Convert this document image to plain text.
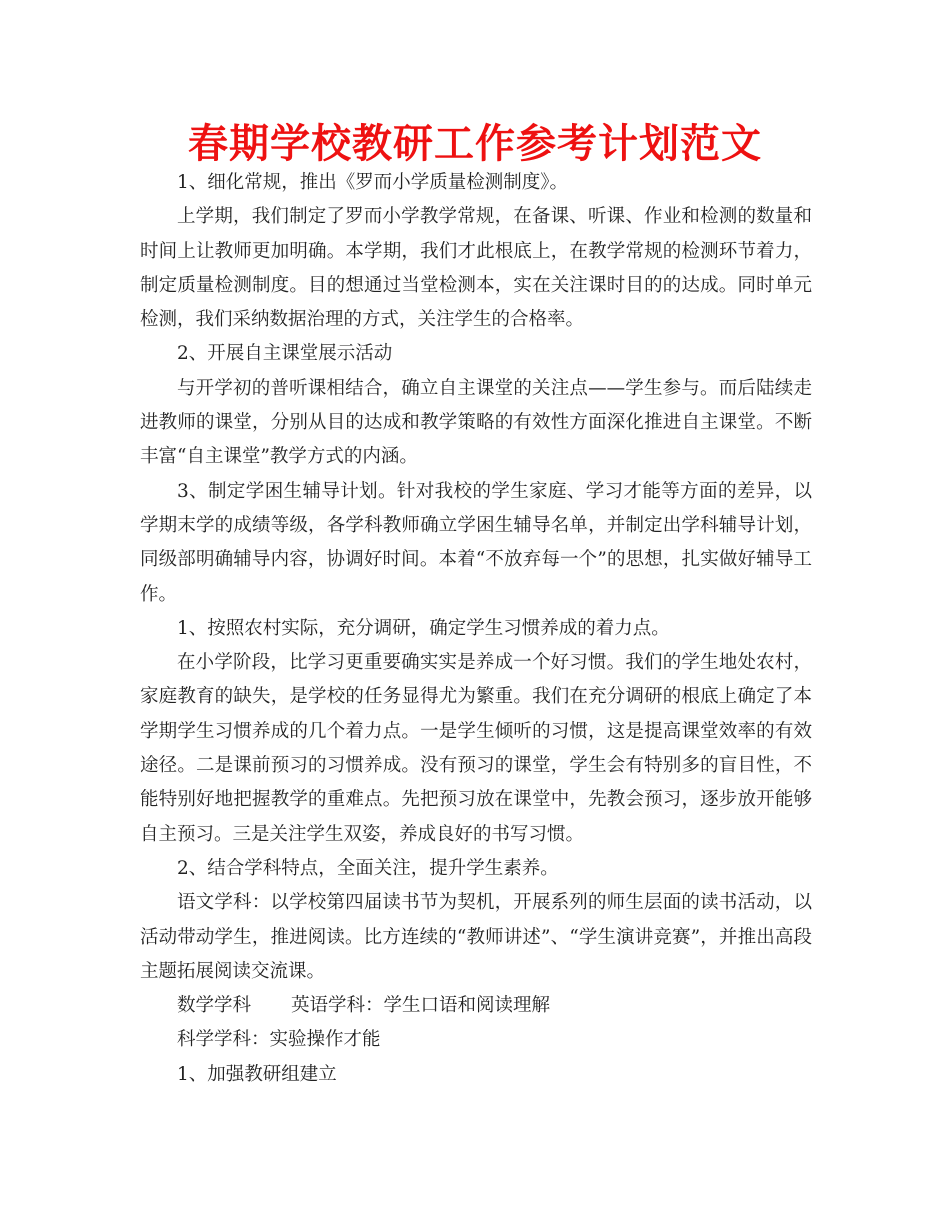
春期学校教研工作参考计划范文

1、细化常规，推出《罗而小学质量检测制度》。

上学期，我们制定了罗而小学教学常规，在备课、听课、作业和检测的数量和时间上让教师更加明确。本学期，我们才此根底上，在教学常规的检测环节着力，制定质量检测制度。目的想通过当堂检测本，实在关注课时目的的达成。同时单元检测，我们采纳数据治理的方式，关注学生的合格率。

2、开展自主课堂展示活动

与开学初的普听课相结合，确立自主课堂的关注点——学生参与。而后陆续走进教师的课堂，分别从目的达成和教学策略的有效性方面深化推进自主课堂。不断丰富“自主课堂”教学方式的内涵。

3、制定学困生辅导计划。针对我校的学生家庭、学习才能等方面的差异，以学期末学的成绩等级，各学科教师确立学困生辅导名单，并制定出学科辅导计划，同级部明确辅导内容，协调好时间。本着“不放弃每一个”的思想，扎实做好辅导工作。

1、按照农村实际，充分调研，确定学生习惯养成的着力点。

在小学阶段，比学习更重要确实实是养成一个好习惯。我们的学生地处农村，家庭教育的缺失，是学校的任务显得尤为繁重。我们在充分调研的根底上确定了本学期学生习惯养成的几个着力点。一是学生倾听的习惯，这是提高课堂效率的有效途径。二是课前预习的习惯养成。没有预习的课堂，学生会有特别多的盲目性，不能特别好地把握教学的重难点。先把预习放在课堂中，先教会预习，逐步放开能够自主预习。三是关注学生双姿，养成良好的书写习惯。

2、结合学科特点，全面关注，提升学生素养。

语文学科：以学校第四届读书节为契机，开展系列的师生层面的读书活动，以活动带动学生，推进阅读。比方连续的“教师讲述”、“学生演讲竞赛”，并推出高段主题拓展阅读交流课。

数学学科 英语学科：学生口语和阅读理解

科学学科：实验操作才能

1、加强教研组建立
